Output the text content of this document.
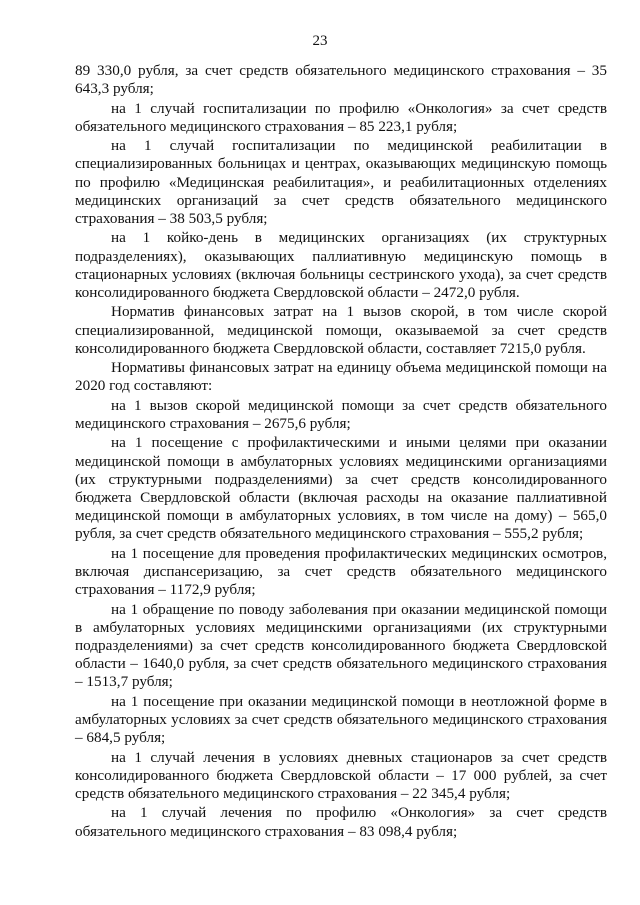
23

89 330,0 рубля, за счет средств обязательного медицинского страхования – 35 643,3 рубля;

на 1 случай госпитализации по профилю «Онкология» за счет средств обязательного медицинского страхования – 85 223,1 рубля;

на 1 случай госпитализации по медицинской реабилитации в специализированных больницах и центрах, оказывающих медицинскую помощь по профилю «Медицинская реабилитация», и реабилитационных отделениях медицинских организаций за счет средств обязательного медицинского страхования – 38 503,5 рубля;

на 1 койко-день в медицинских организациях (их структурных подразделениях), оказывающих паллиативную медицинскую помощь в стационарных условиях (включая больницы сестринского ухода), за счет средств консолидированного бюджета Свердловской области – 2472,0 рубля.

Норматив финансовых затрат на 1 вызов скорой, в том числе скорой специализированной, медицинской помощи, оказываемой за счет средств консолидированного бюджета Свердловской области, составляет 7215,0 рубля.

Нормативы финансовых затрат на единицу объема медицинской помощи на 2020 год составляют:

на 1 вызов скорой медицинской помощи за счет средств обязательного медицинского страхования – 2675,6 рубля;

на 1 посещение с профилактическими и иными целями при оказании медицинской помощи в амбулаторных условиях медицинскими организациями (их структурными подразделениями) за счет средств консолидированного бюджета Свердловской области (включая расходы на оказание паллиативной медицинской помощи в амбулаторных условиях, в том числе на дому) – 565,0 рубля, за счет средств обязательного медицинского страхования – 555,2 рубля;

на 1 посещение для проведения профилактических медицинских осмотров, включая диспансеризацию, за счет средств обязательного медицинского страхования – 1172,9 рубля;

на 1 обращение по поводу заболевания при оказании медицинской помощи в амбулаторных условиях медицинскими организациями (их структурными подразделениями) за счет средств консолидированного бюджета Свердловской области – 1640,0 рубля, за счет средств обязательного медицинского страхования – 1513,7 рубля;

на 1 посещение при оказании медицинской помощи в неотложной форме в амбулаторных условиях за счет средств обязательного медицинского страхования – 684,5 рубля;

на 1 случай лечения в условиях дневных стационаров за счет средств консолидированного бюджета Свердловской области – 17 000 рублей, за счет средств обязательного медицинского страхования – 22 345,4 рубля;

на 1 случай лечения по профилю «Онкология» за счет средств обязательного медицинского страхования – 83 098,4 рубля;
